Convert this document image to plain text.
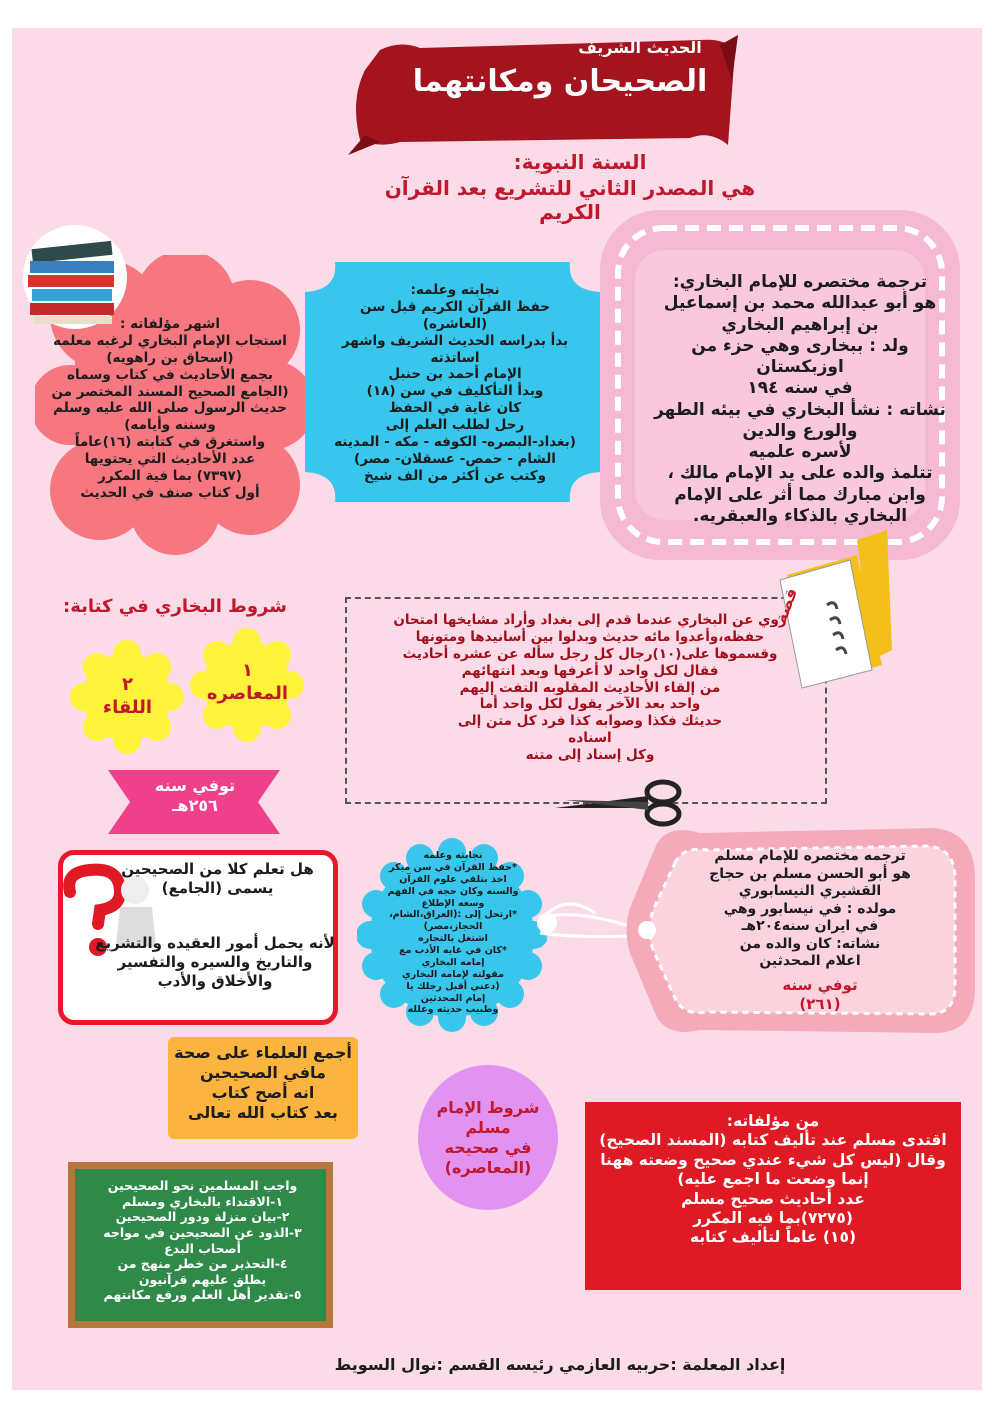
الحديث الشريف
الصحيحان ومكانتهما
السنة النبوية:
هي المصدر الثاني للتشريع بعد القرآن الكريم
ترجمة مختصره للإمام البخاري:
هو أبو عبدالله محمد بن إسماعيل
بن إبراهيم البخاري
ولد : ببخارى وهي حزء من اوزبكستان
في سنه ١٩٤
نشاته : نشأ البخاري في بيئه الطهر
والورع والدين
لأسره علميه
تتلمذ والده على يد الإمام مالك ،
وابن مبارك مما أثر على الإمام
البخاري بالذكاء والعبقريه.
نجابته وعلمه:
حفظ القرآن الكريم قبل سن
(العاشره)
بدأ بدراسه الحديث الشريف واشهر اساتذته
الإمام أحمد بن حنبل
وبدأ التأكليف في سن (١٨)
كان غاية في الحفظ
رحل لطلب العلم إلى
(بغداد-البصره- الكوفه - مكه - المدينه
الشام - حمص- عسقلان- مصر)
وكتب عن أكثر من الف شيخ
اشهر مؤلفاته :
استجاب الإمام البخاري لرغبه معلمه
(اسحاق بن راهويه)
بجمع الأحاديث في كتاب وسماه
(الجامع الصحيح المسند المختصر من
حديث الرسول صلى الله عليه وسلم
وسننه وأيامه)
واستغرق في كتابته (١٦)عاماً
عدد الأحاديث التي يحتويها
(٧٣٩٧) بما فية المكرر
أول كتاب صنف في الحديث
شروط البخاري في كتابة:
١
المعاصره
٢
اللقاء
روي عن البخاري عندما قدم إلى بغداد وأراد مشايخها امتحان
حفظه،وأعدوا مائه حديث وبدلوا بين أسانيدها ومتونها
وقسموها على(١٠)رجال كل رجل سأله عن عشره أحاديث
فقال لكل واحد لا أعرفها وبعد انتهائهم
من إلقاء الأحاديث المقلوبه التفت إليهم
واحد بعد الآخر يقول لكل واحد أما
حديثك فكذا وصوابه كذا فرد كل متن إلى
اسناده
وكل إسناد إلى متنه
قصة
توفي سنه
٢٥٦هـ
هل تعلم كلا من الصحيحين يسمى (الجامع)
لأنه يحمل أمور العقيده والتشريع
والتاريخ والسيره والتفسير
والأخلاق والأدب
نجابته وعلمه
*حفظ القرآن في سن مبكر
اخذ بتلقي علوم القرآن
والسنه وكان حجه في الفهم
وسعه الإطلاع
*ارتحل إلى :(العراق،الشام،
الحجاز،مصر)
اشتغل بالتجاره
*كان في غايه الأدب مع
إمامه البخاري
مقولته لإمامه البخاري
(دعني أقبل رجلك يا
إمام المحدثين
وطبيب حديثه وعلله
ترجمه مختصره للإمام مسلم
هو أبو الحسن مسلم بن حجاج
القشيري النيسابوري
مولده : في نيسابور وهي
في ايران سنه٢٠٤هـ
نشاته: كان والده من
اعلام المحدثين
توفي سنه
(٢٦١)
أجمع العلماء على صحة
مافي الصحيحين
انه أصح كتاب
بعد كتاب الله تعالى	شروط الإمام
مسلم
في صحيحه
(المعاصره)
من مؤلفاته:
اقتدى مسلم عند تأليف كتابه (المسند الصحيح)
وقال (ليس كل شيء عندي صحيح وضعته ههنا
إنما وضعت ما اجمع عليه)
عدد أحاديث صحيح مسلم
(٧٢٧٥)بما فيه المكرر
(١٥) عاماً لتأليف كتابه
واجب المسلمين نحو الصحيحين
١-الاقتداء بالبخاري ومسلم
٢-بيان منزلة ودور الصحيحين
٣-الذود عن الصحيحين في مواجه
أصحاب البدع
٤-التحذير من خطر منهج من
يطلق عليهم قرآنيون
٥-تقدير أهل العلم ورفع مكانتهم
إعداد المعلمة :حربيه العازمي رئيسه القسم :نوال السويط
